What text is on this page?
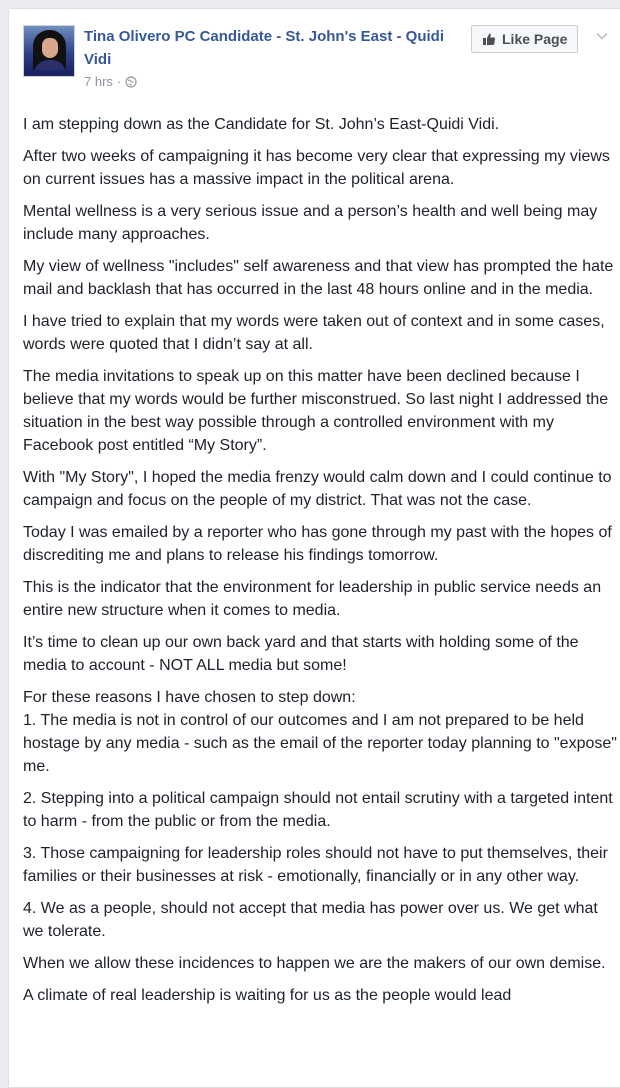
Tina Olivero PC Candidate - St. John's East - Quidi Vidi
7 hrs ·
Like Page

I am stepping down as the Candidate for St. John’s East-Quidi Vidi.

After two weeks of campaigning it has become very clear that expressing my views on current issues has a massive impact in the political arena.

Mental wellness is a very serious issue and a person’s health and well being may include many approaches.

My view of wellness "includes" self awareness and that view has prompted the hate mail and backlash that has occurred in the last 48 hours online and in the media.

I have tried to explain that my words were taken out of context and in some cases, words were quoted that I didn’t say at all.

The media invitations to speak up on this matter have been declined because I believe that my words would be further misconstrued. So last night I addressed the situation in the best way possible through a controlled environment with my Facebook post entitled “My Story”.

With "My Story", I hoped the media frenzy would calm down and I could continue to campaign and focus on the people of my district. That was not the case.

Today I was emailed by a reporter who has gone through my past with the hopes of discrediting me and plans to release his findings tomorrow.

This is the indicator that the environment for leadership in public service needs an entire new structure when it comes to media.

It’s time to clean up our own back yard and that starts with holding some of the media to account - NOT ALL media but some!

For these reasons I have chosen to step down:
1. The media is not in control of our outcomes and I am not prepared to be held hostage by any media - such as the email of the reporter today planning to "expose" me.

2. Stepping into a political campaign should not entail scrutiny with a targeted intent to harm - from the public or from the media.

3. Those campaigning for leadership roles should not have to put themselves, their families or their businesses at risk - emotionally, financially or in any other way.

4. We as a people, should not accept that media has power over us. We get what we tolerate.

When we allow these incidences to happen we are the makers of our own demise.

A climate of real leadership is waiting for us as the people would lead
